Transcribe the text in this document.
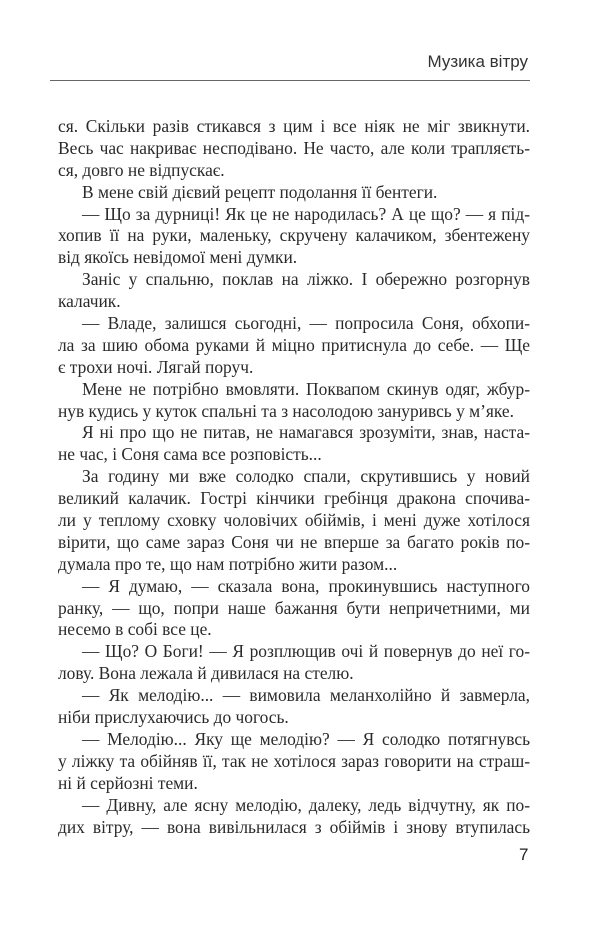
Музика вітру
ся. Скільки разів стикався з цим і все ніяк не міг звикнути.
Весь час накриває несподівано. Не часто, але коли трапляєть-
ся, довго не відпускає.
В мене свій дієвий рецепт подолання її бентеги.
— Що за дурниці! Як це не народилась? А це що? — я під-
хопив її на руки, маленьку, скручену калачиком, збентежену
від якоїсь невідомої мені думки.
Заніс у спальню, поклав на ліжко. І обережно розгорнув
калачик.
— Владе, залишся сьогодні, — попросила Соня, обхопи-
ла за шию обома руками й міцно притиснула до себе. — Ще
є трохи ночі. Лягай поруч.
Мене не потрібно вмовляти. Поквапом скинув одяг, жбур-
нув кудись у куток спальні та з насолодою зануривсь у м’яке.
Я ні про що не питав, не намагався зрозуміти, знав, наста-
не час, і Соня сама все розповість...
За годину ми вже солодко спали, скрутившись у новий
великий калачик. Гострі кінчики гребінця дракона спочива-
ли у теплому сховку чоловічих обіймів, і мені дуже хотілося
вірити, що саме зараз Соня чи не вперше за багато років по-
думала про те, що нам потрібно жити разом...
— Я думаю, — сказала вона, прокинувшись наступного
ранку, — що, попри наше бажання бути непричетними, ми
несемо в собі все це.
— Що? О Боги! — Я розплющив очі й повернув до неї го-
лову. Вона лежала й дивилася на стелю.
— Як мелодію... — вимовила меланхолійно й завмерла,
ніби прислухаючись до чогось.
— Мелодію... Яку ще мелодію? — Я солодко потягнувсь
у ліжку та обійняв її, так не хотілося зараз говорити на страш-
ні й серйозні теми.
— Дивну, але ясну мелодію, далеку, ледь відчутну, як по-
дих вітру, — вона вивільнилася з обіймів і знову втупилась
7
